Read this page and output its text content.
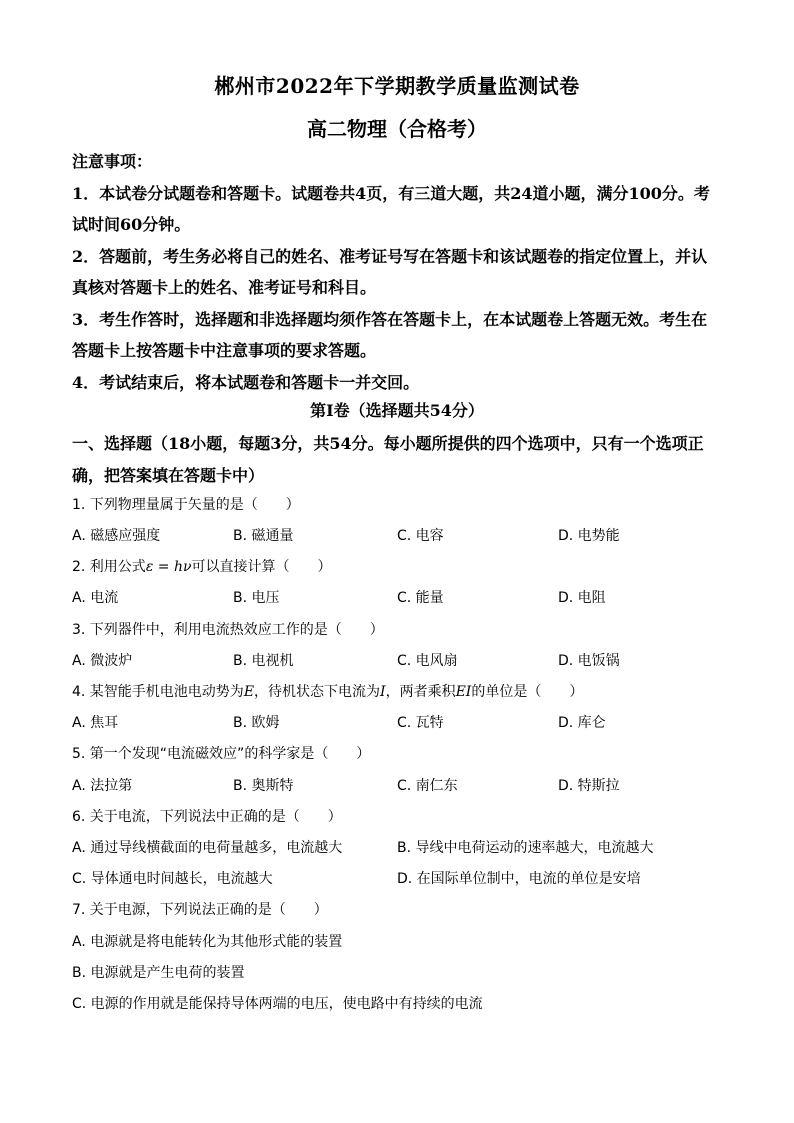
郴州市2022年下学期教学质量监测试卷
高二物理（合格考）
注意事项：
1．本试卷分试题卷和答题卡。试题卷共4页，有三道大题，共24道小题，满分100分。考
试时间60分钟。
2．答题前，考生务必将自己的姓名、准考证号写在答题卡和该试题卷的指定位置上，并认
真核对答题卡上的姓名、准考证号和科目。
3．考生作答时，选择题和非选择题均须作答在答题卡上，在本试题卷上答题无效。考生在
答题卡上按答题卡中注意事项的要求答题。
4．考试结束后，将本试题卷和答题卡一并交回。
第Ⅰ卷（选择题共54分）
一、选择题（18小题，每题3分，共54分。每小题所提供的四个选项中，只有一个选项正
确，把答案填在答题卡中）
1. 下列物理量属于矢量的是（　　）
A. 磁感应强度	B. 磁通量	C. 电容	D. 电势能
2. 利用公式ε = hν可以直接计算（　　）
A. 电流	B. 电压	C. 能量	D. 电阻
3. 下列器件中，利用电流热效应工作的是（　　）
A. 微波炉	B. 电视机	C. 电风扇	D. 电饭锅
4. 某智能手机电池电动势为E，待机状态下电流为I，两者乘积EI的单位是（　　）
A. 焦耳	B. 欧姆	C. 瓦特	D. 库仑
5. 第一个发现“电流磁效应”的科学家是（　　）
A. 法拉第	B. 奥斯特	C. 南仁东	D. 特斯拉
6. 关于电流，下列说法中正确的是（　　）
A. 通过导线横截面的电荷量越多，电流越大	B. 导线中电荷运动的速率越大，电流越大
C. 导体通电时间越长，电流越大	D. 在国际单位制中，电流的单位是安培
7. 关于电源，下列说法正确的是（　　）
A. 电源就是将电能转化为其他形式能的装置
B. 电源就是产生电荷的装置
C. 电源的作用就是能保持导体两端的电压，使电路中有持续的电流
